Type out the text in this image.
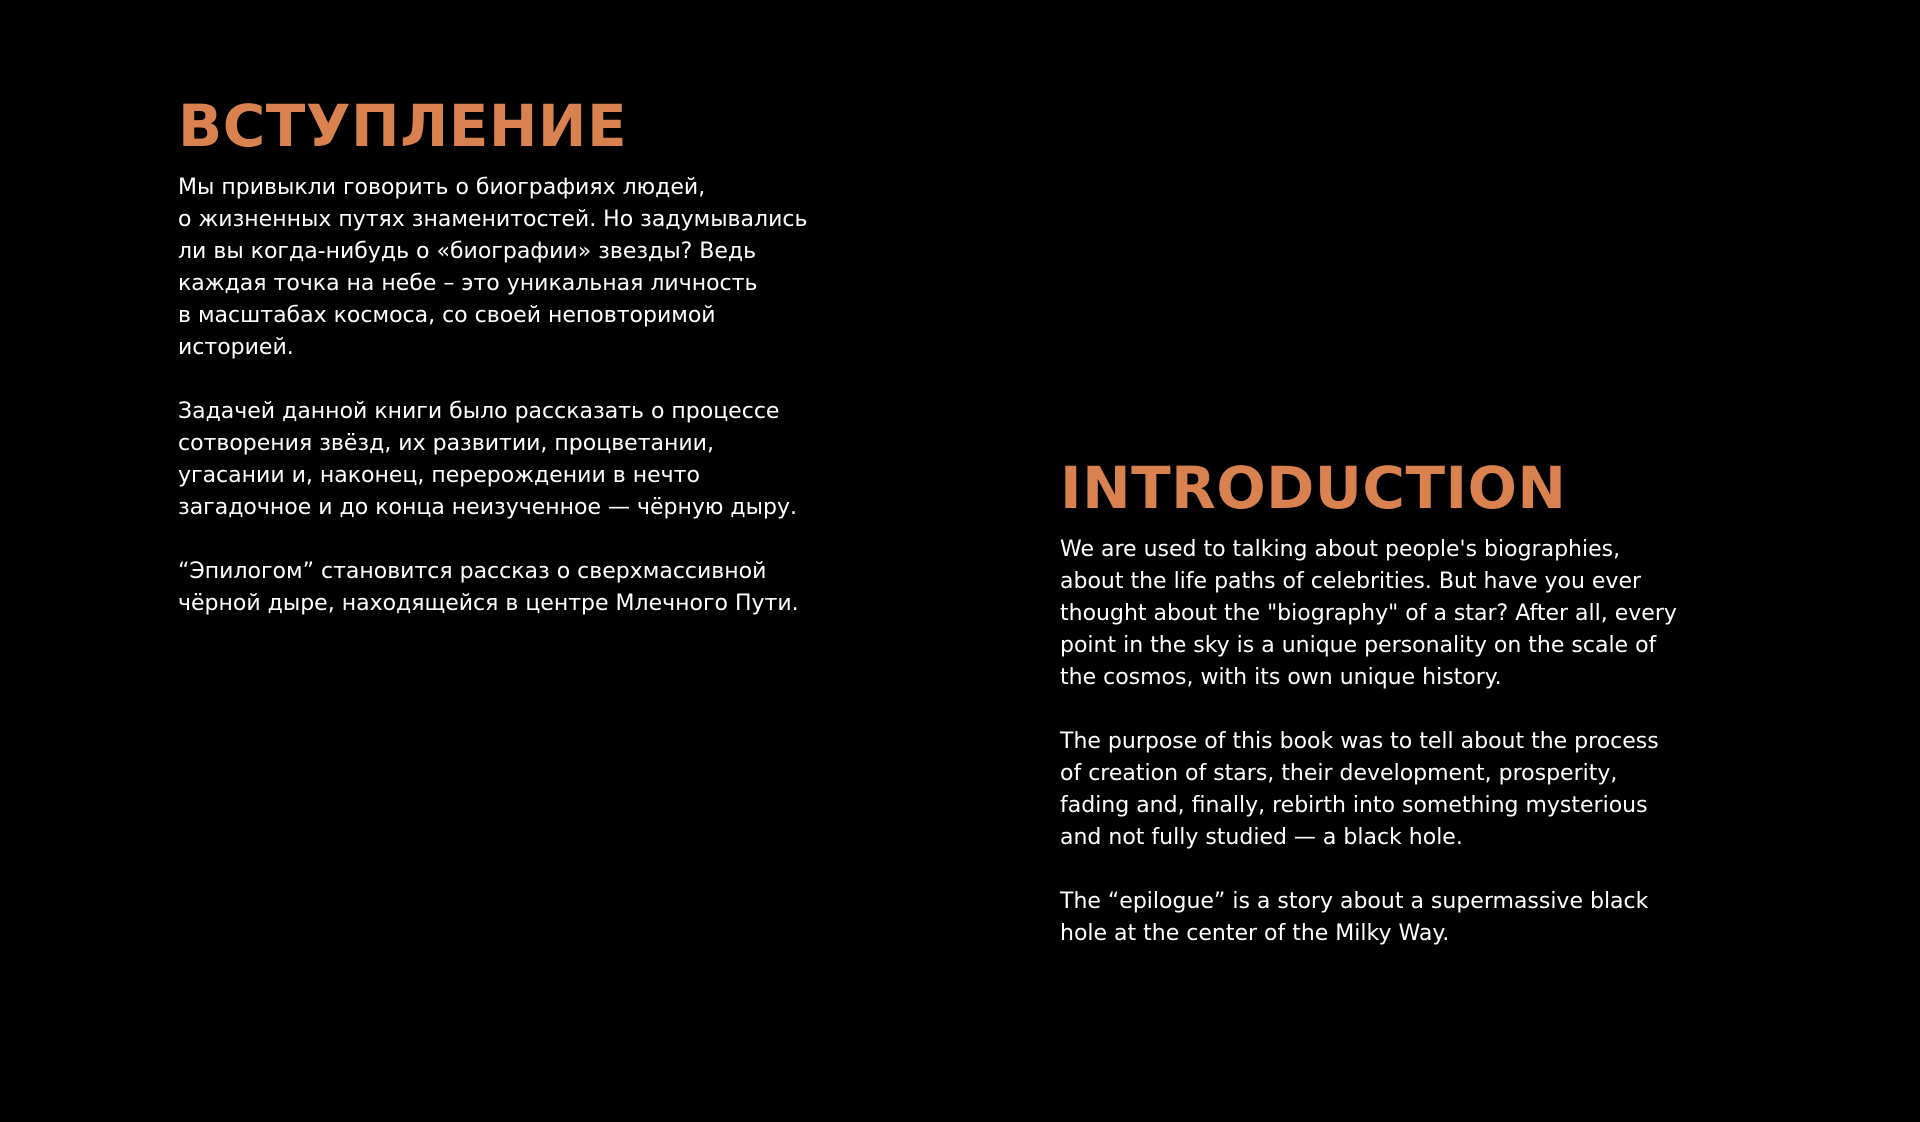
ВСТУПЛЕНИЕ

Мы привыкли говорить о биографиях людей,
о жизненных путях знаменитостей. Но задумывались
ли вы когда-нибудь о «биографии» звезды? Ведь
каждая точка на небе – это уникальная личность
в масштабах космоса, со своей неповторимой
историей.

Задачей данной книги было рассказать о процессе
сотворения звёзд, их развитии, процветании,
угасании и, наконец, перерождении в нечто
загадочное и до конца неизученное — чёрную дыру.

“Эпилогом” становится рассказ о сверхмассивной
чёрной дыре, находящейся в центре Млечного Пути.

INTRODUCTION

We are used to talking about people's biographies,
about the life paths of celebrities. But have you ever
thought about the "biography" of a star? After all, every
point in the sky is a unique personality on the scale of
the cosmos, with its own unique history.

The purpose of this book was to tell about the process
of creation of stars, their development, prosperity,
fading and, finally, rebirth into something mysterious
and not fully studied — a black hole.

The “epilogue” is a story about a supermassive black
hole at the center of the Milky Way.
